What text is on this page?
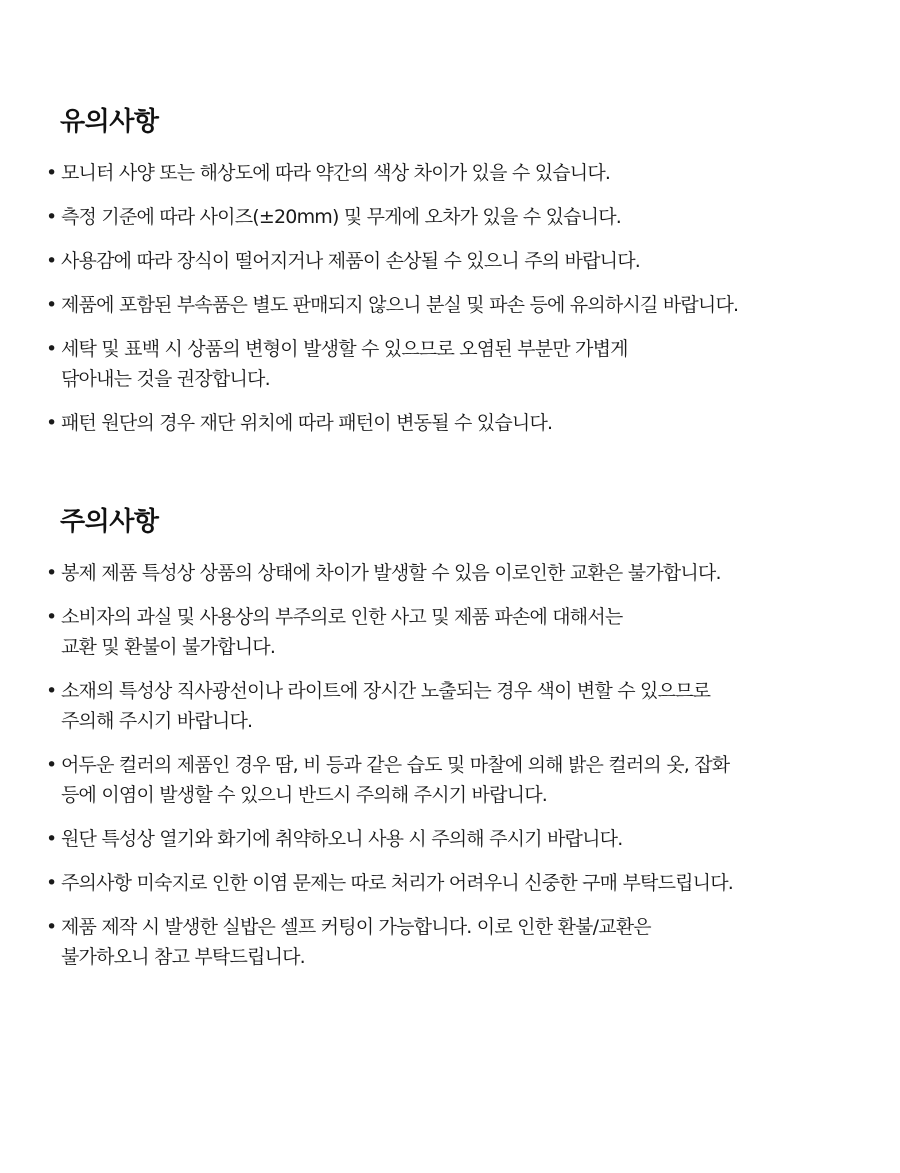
유의사항
• 모니터 사양 또는 해상도에 따라 약간의 색상 차이가 있을 수 있습니다.
• 측정 기준에 따라 사이즈(±20mm) 및 무게에 오차가 있을 수 있습니다.
• 사용감에 따라 장식이 떨어지거나 제품이 손상될 수 있으니 주의 바랍니다.
• 제품에 포함된 부속품은 별도 판매되지 않으니 분실 및 파손 등에 유의하시길 바랍니다.
• 세탁 및 표백 시 상품의 변형이 발생할 수 있으므로 오염된 부분만 가볍게
닦아내는 것을 권장합니다.
• 패턴 원단의 경우 재단 위치에 따라 패턴이 변동될 수 있습니다.
주의사항
• 봉제 제품 특성상 상품의 상태에 차이가 발생할 수 있음 이로인한 교환은 불가합니다.
• 소비자의 과실 및 사용상의 부주의로 인한 사고 및 제품 파손에 대해서는
교환 및 환불이 불가합니다.
• 소재의 특성상 직사광선이나 라이트에 장시간 노출되는 경우 색이 변할 수 있으므로
주의해 주시기 바랍니다.
• 어두운 컬러의 제품인 경우 땀, 비 등과 같은 습도 및 마찰에 의해 밝은 컬러의 옷, 잡화
등에 이염이 발생할 수 있으니 반드시 주의해 주시기 바랍니다.
• 원단 특성상 열기와 화기에 취약하오니 사용 시 주의해 주시기 바랍니다.
• 주의사항 미숙지로 인한 이염 문제는 따로 처리가 어려우니 신중한 구매 부탁드립니다.
• 제품 제작 시 발생한 실밥은 셀프 커팅이 가능합니다. 이로 인한 환불/교환은
불가하오니 참고 부탁드립니다.
